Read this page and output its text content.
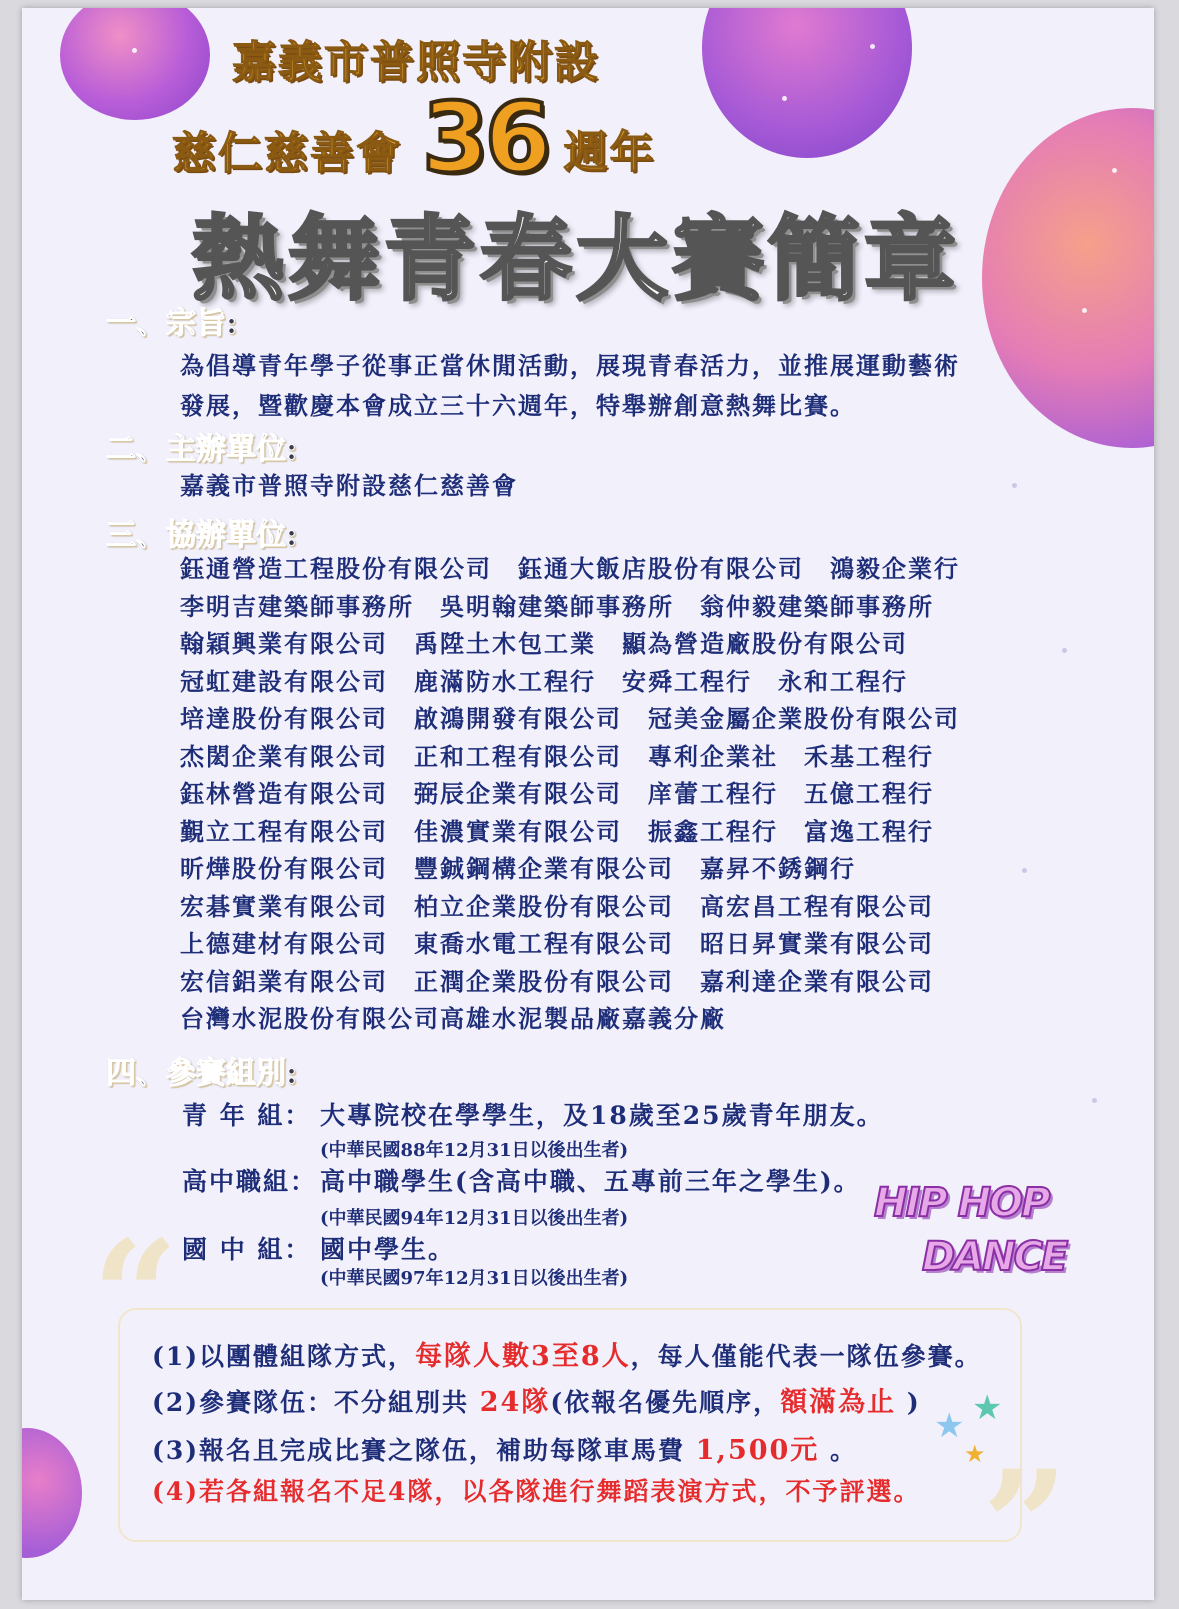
嘉義市普照寺附設
慈仁慈善會 36 週年
熱舞青春大賽簡章
一、宗旨:
為倡導青年學子從事正當休閒活動，展現青春活力，並推展運動藝術
發展，暨歡慶本會成立三十六週年，特舉辦創意熱舞比賽。
二、主辦單位:
嘉義市普照寺附設慈仁慈善會
三、協辦單位:
鈺通營造工程股份有限公司 鈺通大飯店股份有限公司 鴻毅企業行
李明吉建築師事務所 吳明翰建築師事務所 翁仲毅建築師事務所
翰穎興業有限公司 禹陞土木包工業 顯為營造廠股份有限公司
冠虹建設有限公司 鹿滿防水工程行 安舜工程行 永和工程行
培達股份有限公司 啟鴻開發有限公司 冠美金屬企業股份有限公司
杰閎企業有限公司 正和工程有限公司 專利企業社 禾基工程行
鈺林營造有限公司 弼辰企業有限公司 庠蕾工程行 五億工程行
覲立工程有限公司 佳濃實業有限公司 振鑫工程行 富逸工程行
昕燁股份有限公司 豐鋮鋼構企業有限公司 嘉昇不銹鋼行
宏碁實業有限公司 柏立企業股份有限公司 高宏昌工程有限公司
上德建材有限公司 東喬水電工程有限公司 昭日昇實業有限公司
宏信鋁業有限公司 正潤企業股份有限公司 嘉利達企業有限公司
台灣水泥股份有限公司高雄水泥製品廠嘉義分廠
四、參賽組別:
青 年 組： 大專院校在學學生，及18歲至25歲青年朋友。
(中華民國88年12月31日以後出生者)
高中職組： 高中職學生(含高中職、五專前三年之學生)。
(中華民國94年12月31日以後出生者)
國 中 組： 國中學生。
(中華民國97年12月31日以後出生者)
HIP HOP
DANCE
“
”
(1)以團體組隊方式，每隊人數3至8人，每人僅能代表一隊伍參賽。
(2)參賽隊伍：不分組別共 24隊(依報名優先順序，額滿為止 )
(3)報名且完成比賽之隊伍，補助每隊車馬費 1,500元 。
(4)若各組報名不足4隊，以各隊進行舞蹈表演方式，不予評選。
★ ★
★
